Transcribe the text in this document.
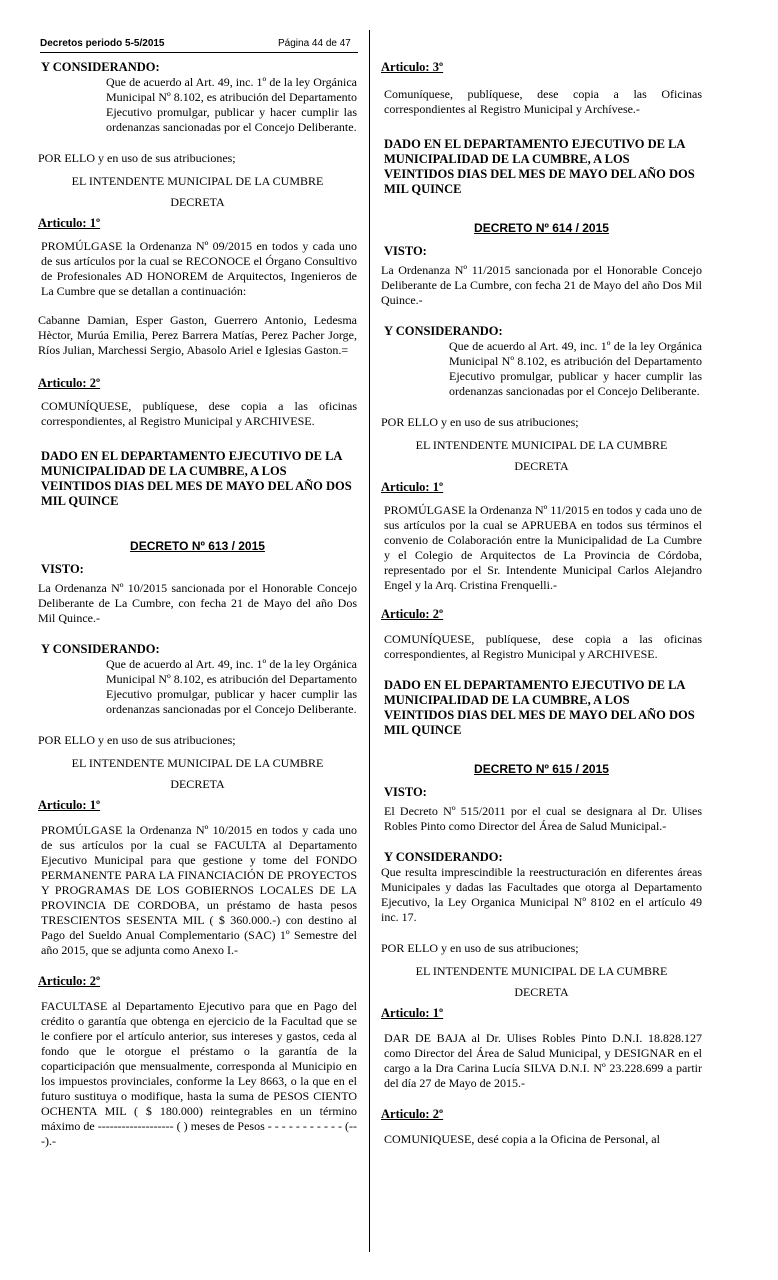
Decretos periodo 5-5/2015	Página 44 de 47
Y CONSIDERANDO:
Que de acuerdo al Art. 49, inc. 1º de la ley Orgánica Municipal Nº 8.102, es atribución del Departamento Ejecutivo promulgar, publicar y hacer cumplir las ordenanzas sancionadas por el Concejo Deliberante.
POR ELLO y en uso de sus atribuciones;
EL INTENDENTE MUNICIPAL DE LA CUMBRE
DECRETA
Articulo: 1º
PROMÚLGASE la Ordenanza Nº 09/2015 en todos y cada uno de sus artículos por la cual se RECONOCE el Órgano Consultivo de Profesionales AD HONOREM de Arquitectos, Ingenieros de La Cumbre que se detallan a continuación:
Cabanne Damian, Esper Gaston, Guerrero Antonio, Ledesma Hèctor, Murúa Emilia, Perez Barrera Matías, Perez Pacher Jorge, Ríos Julian, Marchessi Sergio, Abasolo Ariel e Iglesias Gaston.=
Articulo: 2º
COMUNÍQUESE, publíquese, dese copia a las oficinas correspondientes, al Registro Municipal y ARCHIVESE.
DADO EN EL DEPARTAMENTO EJECUTIVO DE LA MUNICIPALIDAD DE LA CUMBRE, A LOS VEINTIDOS DIAS DEL MES DE MAYO DEL AÑO DOS MIL QUINCE
DECRETO Nº 613 / 2015
VISTO:
La Ordenanza Nº 10/2015 sancionada por el Honorable Concejo Deliberante de La Cumbre, con fecha 21 de Mayo del año Dos Mil Quince.-
Y CONSIDERANDO:
Que de acuerdo al Art. 49, inc. 1º de la ley Orgánica Municipal Nº 8.102, es atribución del Departamento Ejecutivo promulgar, publicar y hacer cumplir las ordenanzas sancionadas por el Concejo Deliberante.
POR ELLO y en uso de sus atribuciones;
EL INTENDENTE MUNICIPAL DE LA CUMBRE
DECRETA
Articulo: 1º
PROMÚLGASE la Ordenanza Nº 10/2015 en todos y cada uno de sus artículos por la cual se FACULTA al Departamento Ejecutivo Municipal para que gestione y tome del FONDO PERMANENTE PARA LA FINANCIACIÓN DE PROYECTOS Y PROGRAMAS DE LOS GOBIERNOS LOCALES DE LA PROVINCIA DE CORDOBA, un préstamo de hasta pesos TRESCIENTOS SESENTA MIL ( $ 360.000.-) con destino al Pago del Sueldo Anual Complementario (SAC) 1º Semestre del año 2015, que se adjunta como Anexo I.-
Articulo: 2º
FACULTASE al Departamento Ejecutivo para que en Pago del crédito o garantía que obtenga en ejercicio de la Facultad que se le confiere por el artículo anterior, sus intereses y gastos, ceda al fondo que le otorgue el préstamo o la garantía de la coparticipación que mensualmente, corresponda al Municipio en los impuestos provinciales, conforme la Ley 8663, o la que en el futuro sustituya o modifique, hasta la suma de PESOS CIENTO OCHENTA MIL ( $ 180.000) reintegrables en un término máximo de ------------------- ( ) meses de Pesos - - - - - - - - - - - (---).-
Articulo: 3º
Comuníquese, publíquese, dese copia a las Oficinas correspondientes al Registro Municipal y Archívese.-
DADO EN EL DEPARTAMENTO EJECUTIVO DE LA MUNICIPALIDAD DE LA CUMBRE, A LOS VEINTIDOS DIAS DEL MES DE MAYO DEL AÑO DOS MIL QUINCE
DECRETO Nº 614 / 2015
VISTO:
La Ordenanza Nº 11/2015 sancionada por el Honorable Concejo Deliberante de La Cumbre, con fecha 21 de Mayo del año Dos Mil Quince.-
Y CONSIDERANDO:
Que de acuerdo al Art. 49, inc. 1º de la ley Orgánica Municipal Nº 8.102, es atribución del Departamento Ejecutivo promulgar, publicar y hacer cumplir las ordenanzas sancionadas por el Concejo Deliberante.
POR ELLO y en uso de sus atribuciones;
EL INTENDENTE MUNICIPAL DE LA CUMBRE
DECRETA
Articulo: 1º
PROMÚLGASE la Ordenanza Nº 11/2015 en todos y cada uno de sus artículos por la cual se APRUEBA en todos sus términos el convenio de Colaboración entre la Municipalidad de La Cumbre y el Colegio de Arquitectos de La Provincia de Córdoba, representado por el Sr. Intendente Municipal Carlos Alejandro Engel y la Arq. Cristina Frenquelli.-
Articulo: 2º
COMUNÍQUESE, publíquese, dese copia a las oficinas correspondientes, al Registro Municipal y ARCHIVESE.
DADO EN EL DEPARTAMENTO EJECUTIVO DE LA MUNICIPALIDAD DE LA CUMBRE, A LOS VEINTIDOS DIAS DEL MES DE MAYO DEL AÑO DOS MIL QUINCE
DECRETO Nº 615 / 2015
VISTO:
El Decreto Nº 515/2011 por el cual se designara al Dr. Ulises Robles Pinto como Director del Área de Salud Municipal.-
Y CONSIDERANDO:
Que resulta imprescindible la reestructuración en diferentes áreas Municipales y dadas las Facultades que otorga al Departamento Ejecutivo, la Ley Organica Municipal Nº 8102 en el artículo 49 inc. 17.
POR ELLO y en uso de sus atribuciones;
EL INTENDENTE MUNICIPAL DE LA CUMBRE
DECRETA
Articulo: 1º
DAR DE BAJA al Dr. Ulises Robles Pinto D.N.I. 18.828.127 como Director del Área de Salud Municipal, y DESIGNAR en el cargo a la Dra Carina Lucía SILVA D.N.I. Nº 23.228.699 a partir del día 27 de Mayo de 2015.-
Articulo: 2º
COMUNIQUESE, desé copia a la Oficina de Personal, al
